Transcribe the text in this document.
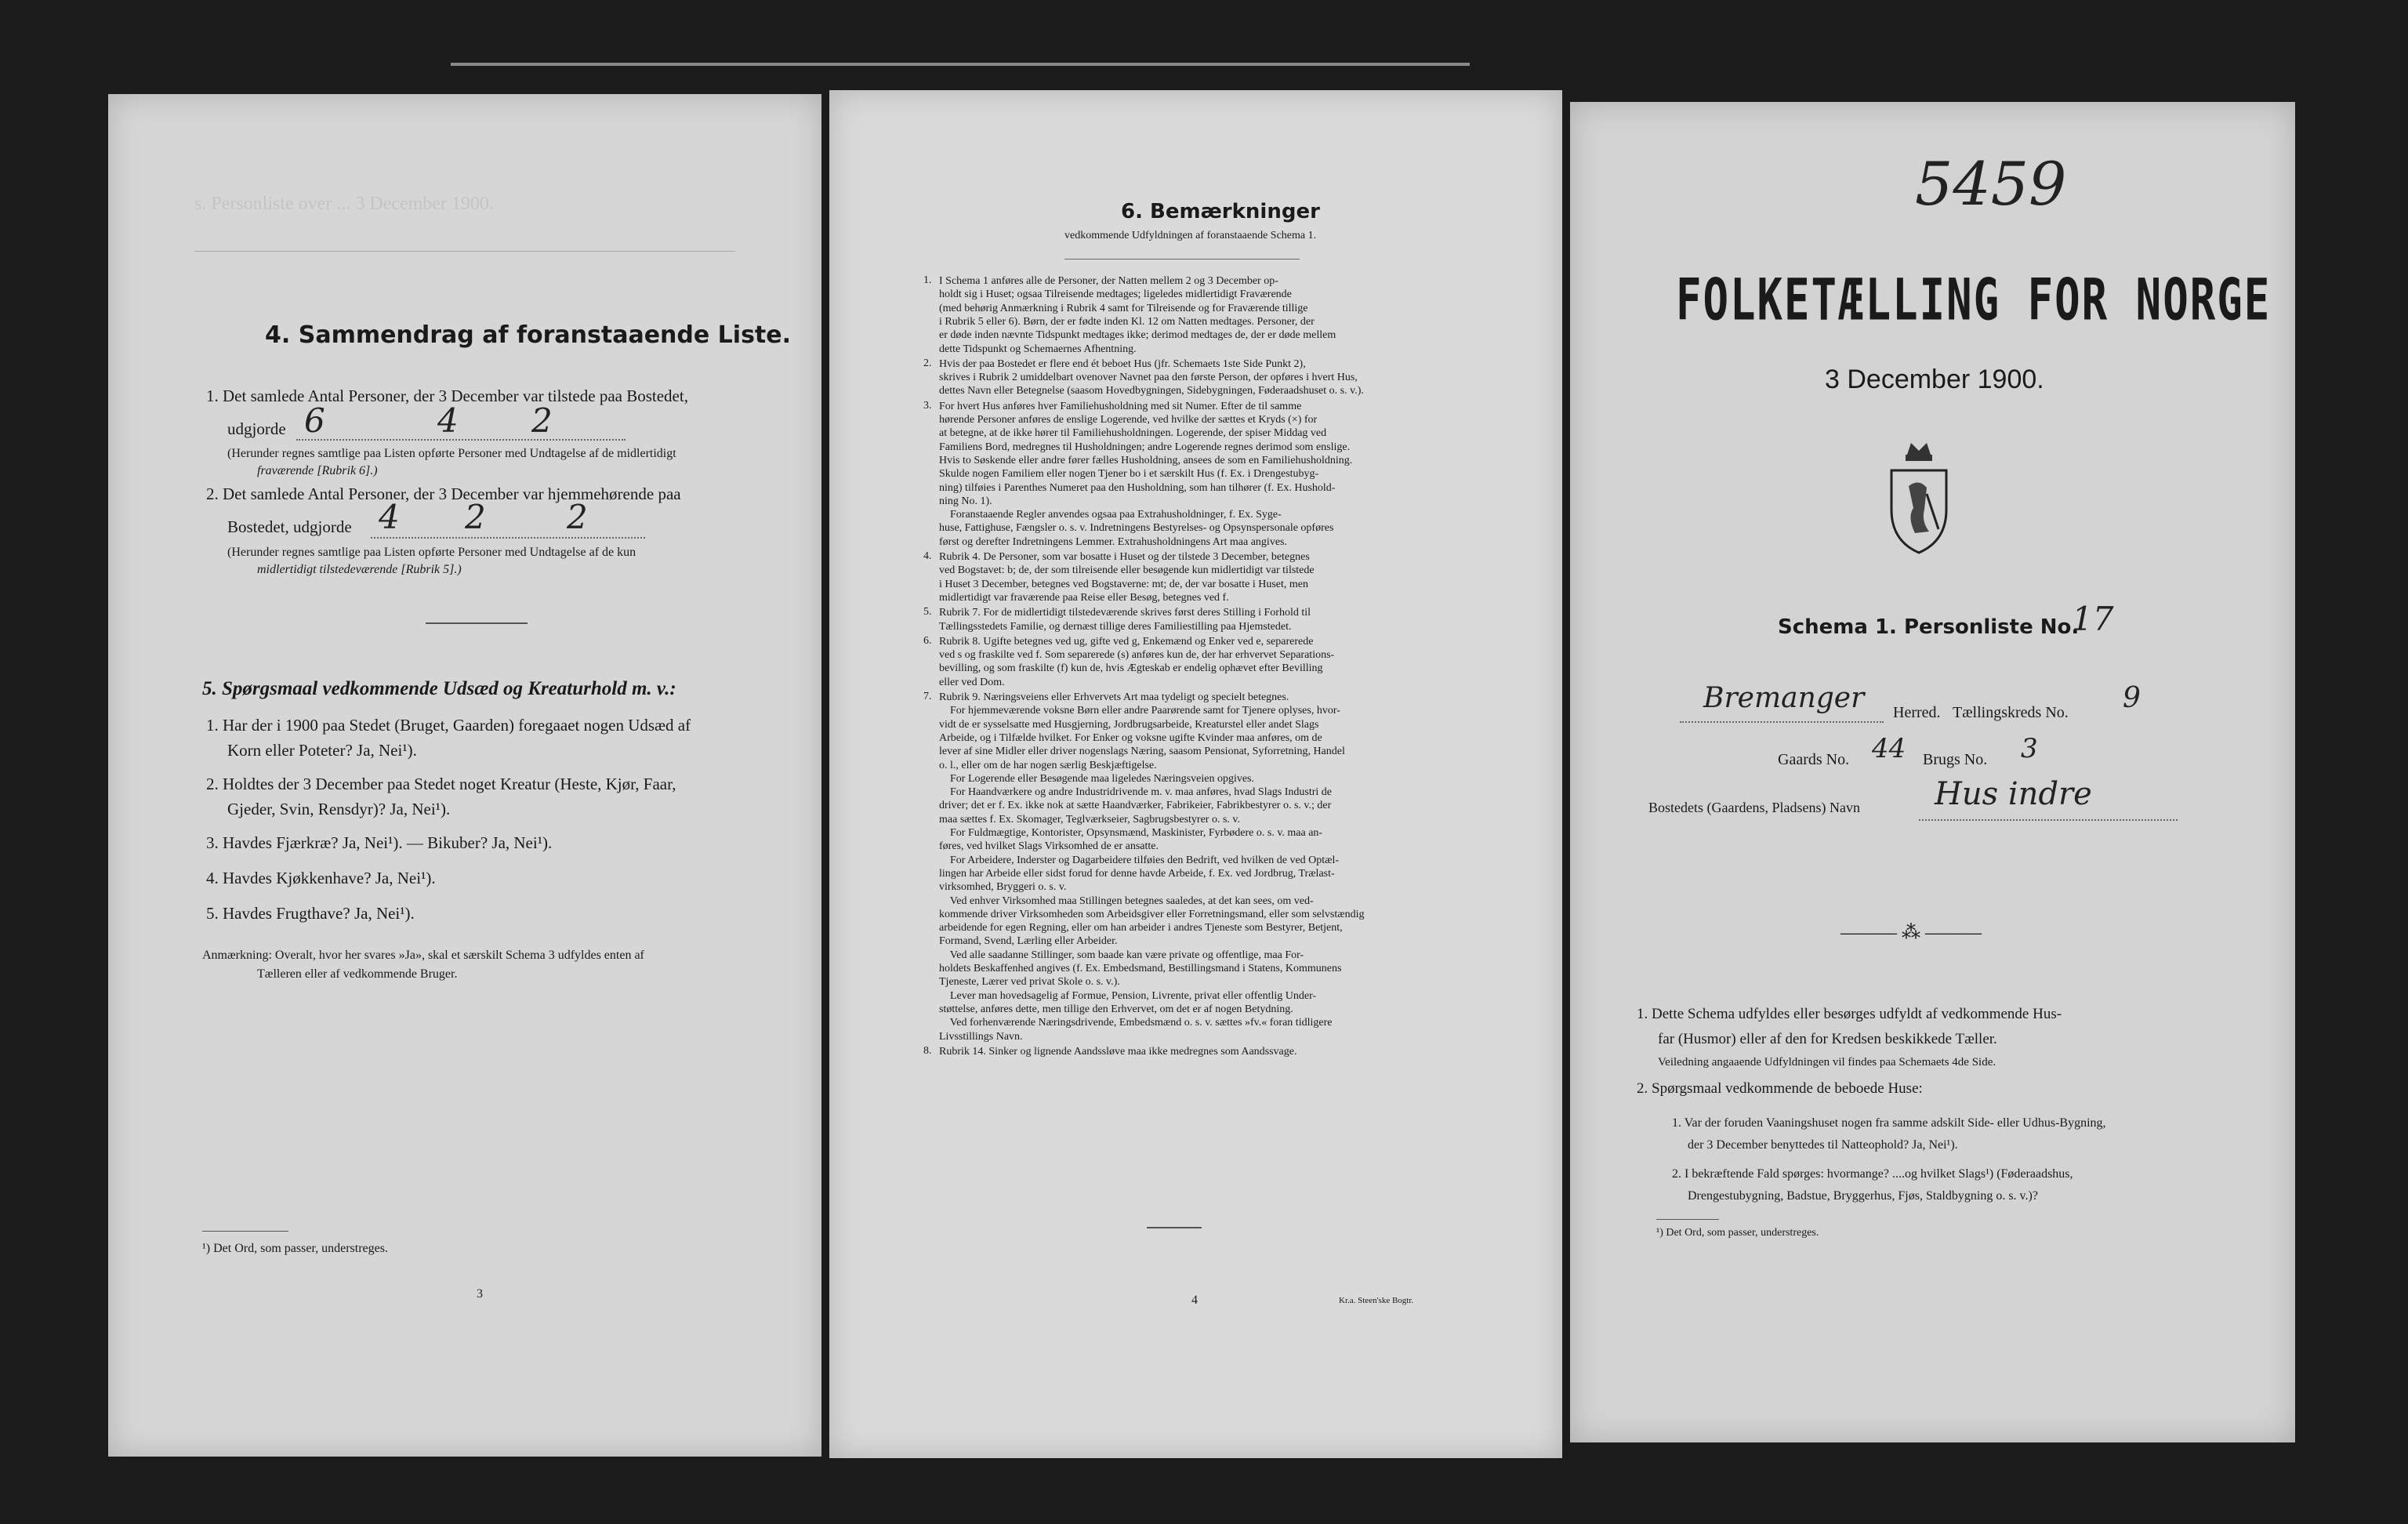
s. Personliste over ... 3 December 1900.
4. Sammendrag af foranstaaende Liste.
1. Det samlede Antal Personer, der 3 December var tilstede paa Bostedet,
udgjorde 6	4 2
(Herunder regnes samtlige paa Listen opførte Personer med Undtagelse af de midlertidigt
fraværende [Rubrik 6].)
2. Det samlede Antal Personer, der 3 December var hjemmehørende paa
Bostedet, udgjorde 4 2 2
(Herunder regnes samtlige paa Listen opførte Personer med Undtagelse af de kun
midlertidigt tilstedeværende [Rubrik 5].)
5. Spørgsmaal vedkommende Udsæd og Kreaturhold m. v.:
1. Har der i 1900 paa Stedet (Bruget, Gaarden) foregaaet nogen Udsæd af
Korn eller Poteter? Ja, Nei¹).
2. Holdtes der 3 December paa Stedet noget Kreatur (Heste, Kjør, Faar,
Gjeder, Svin, Rensdyr)? Ja, Nei¹).
3. Havdes Fjærkræ? Ja, Nei¹). — Bikuber? Ja, Nei¹).
4. Havdes Kjøkkenhave? Ja, Nei¹).
5. Havdes Frugthave? Ja, Nei¹).
Anmærkning: Overalt, hvor her svares »Ja», skal et særskilt Schema 3 udfyldes enten af
Tælleren eller af vedkommende Bruger.
¹) Det Ord, som passer, understreges.
3
6. Bemærkninger
vedkommende Udfyldningen af foranstaaende Schema 1.
1. I Schema 1 anføres alle de Personer, der Natten mellem 2 og 3 December op-
holdt sig i Huset; ogsaa Tilreisende medtages; ligeledes midlertidigt Fraværende
(med behørig Anmærkning i Rubrik 4 samt for Tilreisende og for Fraværende tillige
i Rubrik 5 eller 6). Børn, der er fødte inden Kl. 12 om Natten medtages. Personer, der
er døde inden nævnte Tidspunkt medtages ikke; derimod medtages de, der er døde mellem
dette Tidspunkt og Schemaernes Afhentning.
2. Hvis der paa Bostedet er flere end ét beboet Hus (jfr. Schemaets 1ste Side Punkt 2),
skrives i Rubrik 2 umiddelbart ovenover Navnet paa den første Person, der opføres i hvert Hus,
dettes Navn eller Betegnelse (saasom Hovedbygningen, Sidebygningen, Føderaadshuset o. s. v.).
3. For hvert Hus anføres hver Familiehusholdning med sit Numer. Efter de til samme
hørende Personer anføres de enslige Logerende, ved hvilke der sættes et Kryds (×) for
at betegne, at de ikke hører til Familiehusholdningen. Logerende, der spiser Middag ved
Familiens Bord, medregnes til Husholdningen; andre Logerende regnes derimod som enslige.
Hvis to Søskende eller andre fører fælles Husholdning, ansees de som en Familiehusholdning.
Skulde nogen Familiem eller nogen Tjener bo i et særskilt Hus (f. Ex. i Drengestubyg-
ning) tilføies i Parenthes Numeret paa den Husholdning, som han tilhører (f. Ex. Hushold-
ning No. 1).
Foranstaaende Regler anvendes ogsaa paa Extrahusholdninger, f. Ex. Syge-
huse, Fattighuse, Fængsler o. s. v. Indretningens Bestyrelses- og Opsynspersonale opføres
først og derefter Indretningens Lemmer. Extrahusholdningens Art maa angives.
4. Rubrik 4. De Personer, som var bosatte i Huset og der tilstede 3 December, betegnes
ved Bogstavet: b; de, der som tilreisende eller besøgende kun midlertidigt var tilstede
i Huset 3 December, betegnes ved Bogstaverne: mt; de, der var bosatte i Huset, men
midlertidigt var fraværende paa Reise eller Besøg, betegnes ved f.
5. Rubrik 7. For de midlertidigt tilstedeværende skrives først deres Stilling i Forhold til
Tællingsstedets Familie, og dernæst tillige deres Familiestilling paa Hjemstedet.
6. Rubrik 8. Ugifte betegnes ved ug, gifte ved g, Enkemænd og Enker ved e, separerede
ved s og fraskilte ved f. Som separerede (s) anføres kun de, der har erhvervet Separations-
bevilling, og som fraskilte (f) kun de, hvis Ægteskab er endelig ophævet efter Bevilling
eller ved Dom.
7. Rubrik 9. Næringsveiens eller Erhvervets Art maa tydeligt og specielt betegnes.
For hjemmeværende voksne Børn eller andre Paarørende samt for Tjenere oplyses, hvor-
vidt de er sysselsatte med Husgjerning, Jordbrugsarbeide, Kreaturstel eller andet Slags
Arbeide, og i Tilfælde hvilket. For Enker og voksne ugifte Kvinder maa anføres, om de
lever af sine Midler eller driver nogenslags Næring, saasom Pensionat, Syforretning, Handel
o. l., eller om de har nogen særlig Beskjæftigelse.
For Logerende eller Besøgende maa ligeledes Næringsveien opgives.
For Haandværkere og andre Industridrivende m. v. maa anføres, hvad Slags Industri de
driver; det er f. Ex. ikke nok at sætte Haandværker, Fabrikeier, Fabrikbestyrer o. s. v.; der
maa sættes f. Ex. Skomager, Teglværkseier, Sagbrugsbestyrer o. s. v.
For Fuldmægtige, Kontorister, Opsynsmænd, Maskinister, Fyrbødere o. s. v. maa an-
føres, ved hvilket Slags Virksomhed de er ansatte.
For Arbeidere, Inderster og Dagarbeidere tilføies den Bedrift, ved hvilken de ved Optæl-
lingen har Arbeide eller sidst forud for denne havde Arbeide, f. Ex. ved Jordbrug, Trælast-
virksomhed, Bryggeri o. s. v.
Ved enhver Virksomhed maa Stillingen betegnes saaledes, at det kan sees, om ved-
kommende driver Virksomheden som Arbeidsgiver eller Forretningsmand, eller som selvstændig
arbeidende for egen Regning, eller om han arbeider i andres Tjeneste som Bestyrer, Betjent,
Formand, Svend, Lærling eller Arbeider.
Ved alle saadanne Stillinger, som baade kan være private og offentlige, maa For-
holdets Beskaffenhed angives (f. Ex. Embedsmand, Bestillingsmand i Statens, Kommunens
Tjeneste, Lærer ved privat Skole o. s. v.).
Lever man hovedsagelig af Formue, Pension, Livrente, privat eller offentlig Under-
støttelse, anføres dette, men tillige den Erhvervet, om det er af nogen Betydning.
Ved forhenværende Næringsdrivende, Embedsmænd o. s. v. sættes »fv.« foran tidligere
Livsstillings Navn.
8. Rubrik 14. Sinker og lignende Aandssløve maa ikke medregnes som Aandssvage.
4	Kr.a. Steen'ske Bogtr.
5459
FOLKETÆLLING FOR NORGE
3 December 1900.
Schema 1. Personliste No.
17
Bremanger Herred. Tællingskreds No. 9
Gaards No. 44 Brugs No. 3
Bostedets (Gaardens, Pladsens) Navn Hus indre
——— ⁂ ———
1. Dette Schema udfyldes eller besørges udfyldt af vedkommende Hus-
far (Husmor) eller af den for Kredsen beskikkede Tæller.
Veiledning angaaende Udfyldningen vil findes paa Schemaets 4de Side.
2. Spørgsmaal vedkommende de beboede Huse:
1. Var der foruden Vaaningshuset nogen fra samme adskilt Side- eller Udhus-Bygning,
der 3 December benyttedes til Natteophold? Ja, Nei¹).
2. I bekræftende Fald spørges: hvormange? ....og hvilket Slags¹) (Føderaadshus,
Drengestubygning, Badstue, Bryggerhus, Fjøs, Staldbygning o. s. v.)?
¹) Det Ord, som passer, understreges.
